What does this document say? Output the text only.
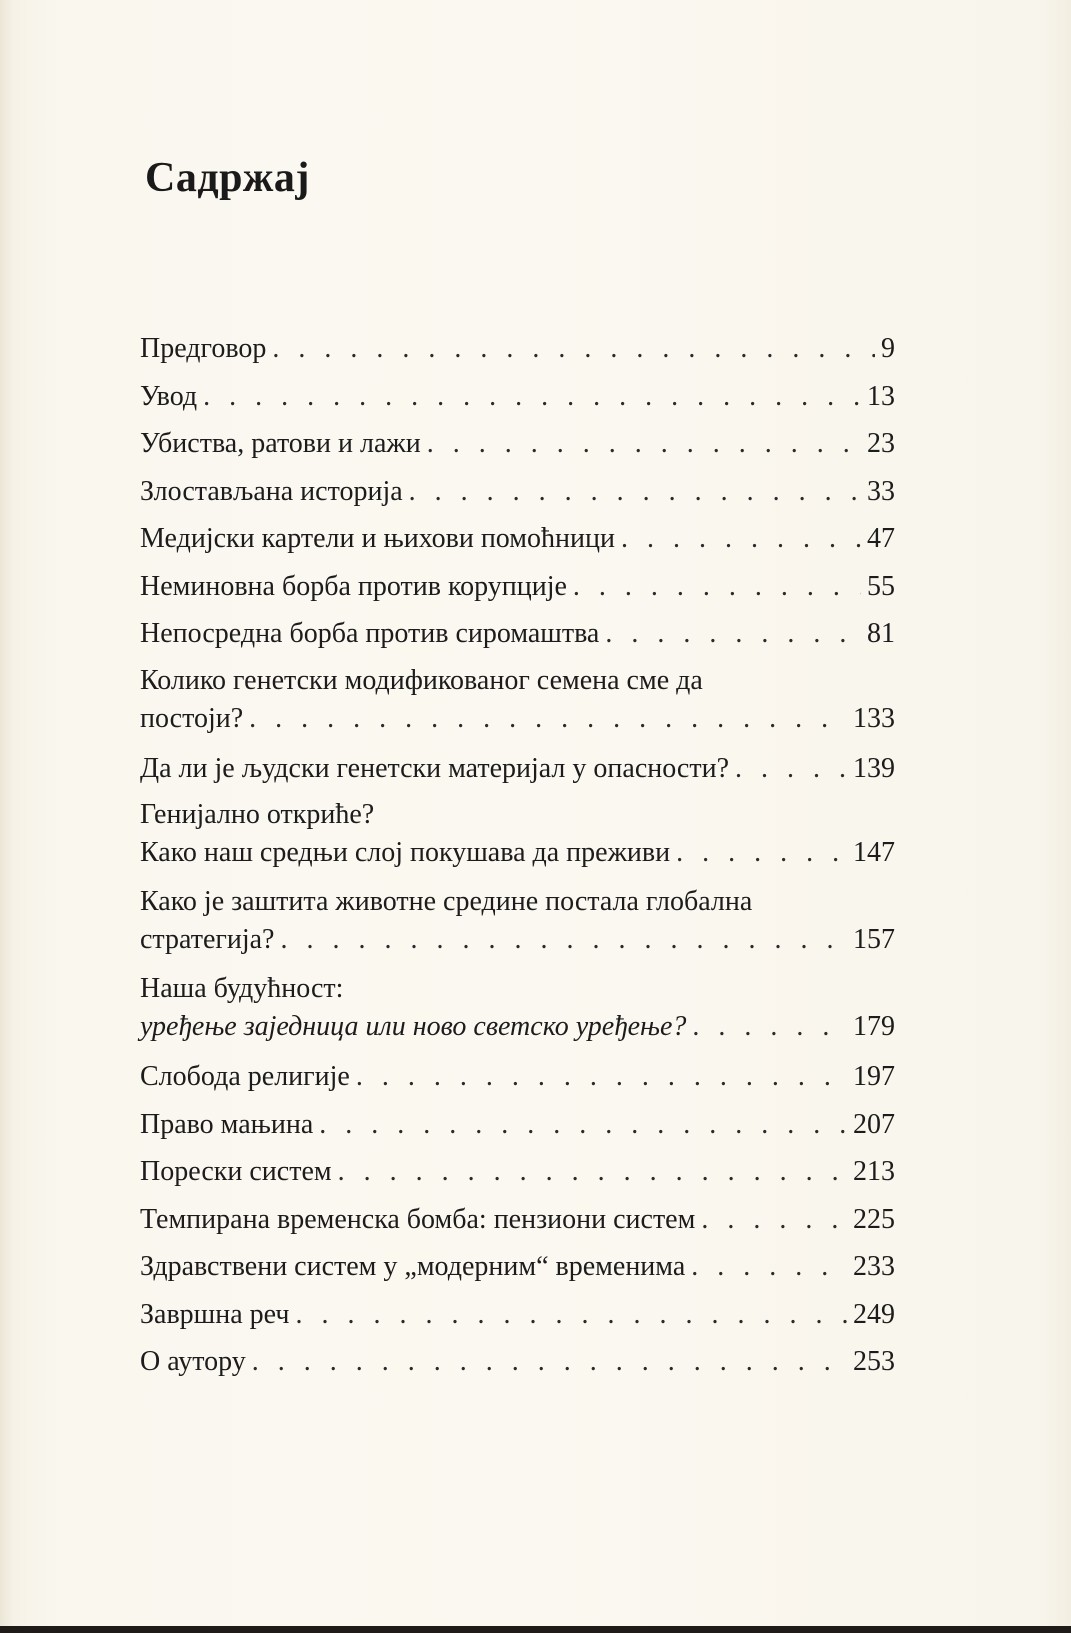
Садржај
Предговор . . .	9
Увод . . .	13
Убиства, ратови и лажи . . .	23
Злостављана историја . . .	33
Медијски картели и њихови помоћници . . .	47
Неминовна борба против корупције . . .	55
Непосредна борба против сиромаштва . . .	81
Колико генетски модификованог семена сме да
постоји? . . .	133
Да ли је људски генетски материјал у опасности? . . .	139
Генијално откриће?
Како наш средњи слој покушава да преживи . . .	147
Како је заштита животне средине постала глобална
стратегија? . . .	157
Наша будућност:
уређење заједница или ново светско уређење? . . .	179
Слобода религије . . .	197
Право мањина . . .	207
Порески систем . . .	213
Темпирана временска бомба: пензиони систем . . .	225
Здравствени систем у „модерним“ временима . . .	233
Завршна реч . . .	249
О аутору . . .	253
